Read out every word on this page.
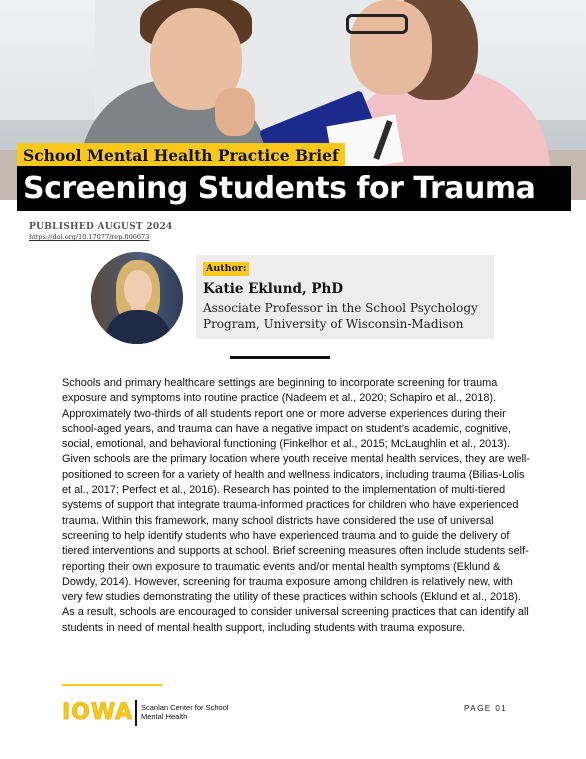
School Mental Health Practice Brief
Screening Students for Trauma
PUBLISHED AUGUST 2024
https://doi.org/10.17077/rep.006673
Author:
Katie Eklund, PhD
Associate Professor in the School Psychology Program, University of Wisconsin-Madison

Schools and primary healthcare settings are beginning to incorporate screening for trauma exposure and symptoms into routine practice (Nadeem et al., 2020; Schapiro et al., 2018). Approximately two-thirds of all students report one or more adverse experiences during their school-aged years, and trauma can have a negative impact on student’s academic, cognitive, social, emotional, and behavioral functioning (Finkelhor et al., 2015; McLaughlin et al., 2013). Given schools are the primary location where youth receive mental health services, they are well-positioned to screen for a variety of health and wellness indicators, including trauma (Bilias-Lolis et al., 2017; Perfect et al., 2016). Research has pointed to the implementation of multi-tiered systems of support that integrate trauma-informed practices for children who have experienced trauma. Within this framework, many school districts have considered the use of universal screening to help identify students who have experienced trauma and to guide the delivery of tiered interventions and supports at school. Brief screening measures often include students self-reporting their own exposure to traumatic events and/or mental health symptoms (Eklund & Dowdy, 2014). However, screening for trauma exposure among children is relatively new, with very few studies demonstrating the utility of these practices within schools (Eklund et al., 2018). As a result, schools are encouraged to consider universal screening practices that can identify all students in need of mental health support, including students with trauma exposure.

IOWA Scanlan Center for School Mental Health
PAGE 01
